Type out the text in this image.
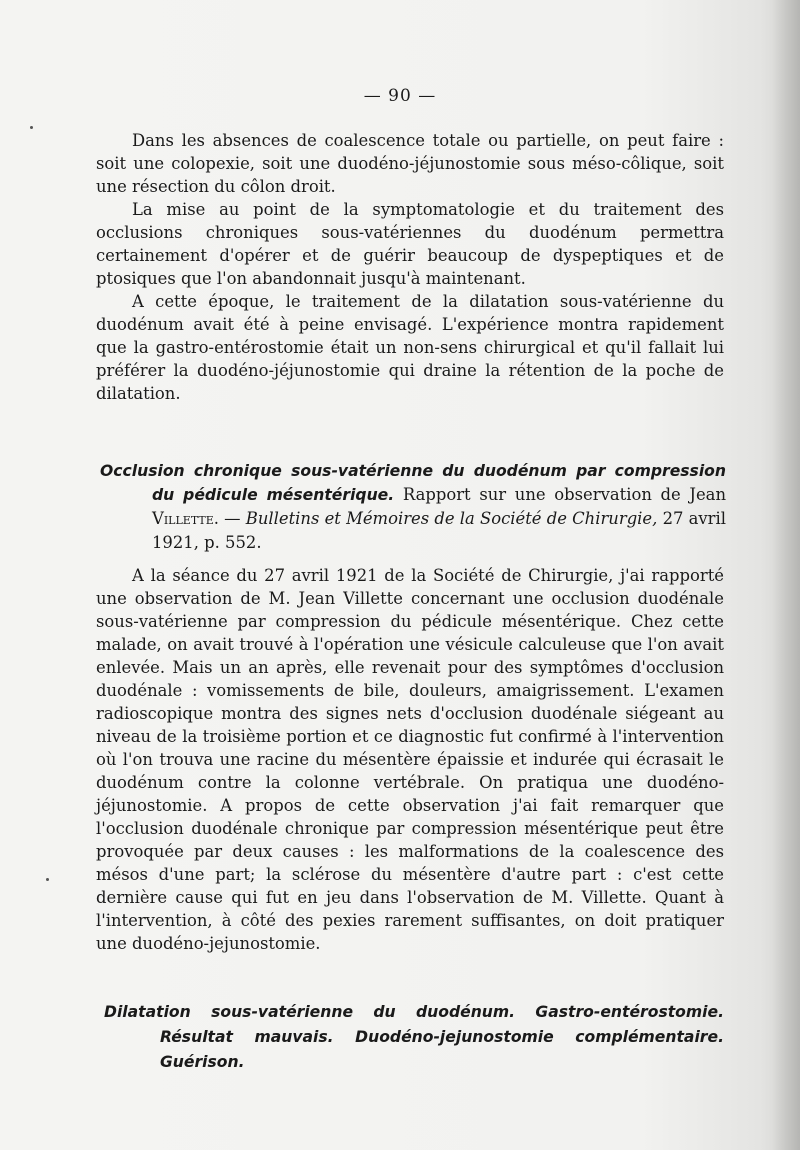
— 90 —

Dans les absences de coalescence totale ou partielle, on peut faire : soit une colopexie, soit une duodéno-jéjunostomie sous méso-côlique, soit une résection du côlon droit.

La mise au point de la symptomatologie et du traitement des occlusions chroniques sous-vatériennes du duodénum permettra certainement d'opérer et de guérir beaucoup de dyspeptiques et de ptosiques que l'on abandonnait jusqu'à maintenant.

A cette époque, le traitement de la dilatation sous-vatérienne du duodénum avait été à peine envisagé. L'expérience montra rapidement que la gastro-entérostomie était un non-sens chirurgical et qu'il fallait lui préférer la duodéno-jéjunostomie qui draine la rétention de la poche de dilatation.

Occlusion chronique sous-vatérienne du duodénum par compression du pédicule mésentérique. Rapport sur une observation de Jean Villette. — Bulletins et Mémoires de la Société de Chirurgie, 27 avril 1921, p. 552.

A la séance du 27 avril 1921 de la Société de Chirurgie, j'ai rapporté une observation de M. Jean Villette concernant une occlusion duodénale sous-vatérienne par compression du pédicule mésentérique. Chez cette malade, on avait trouvé à l'opération une vésicule calculeuse que l'on avait enlevée. Mais un an après, elle revenait pour des symptômes d'occlusion duodénale : vomissements de bile, douleurs, amaigrissement. L'examen radioscopique montra des signes nets d'occlusion duodénale siégeant au niveau de la troisième portion et ce diagnostic fut confirmé à l'intervention où l'on trouva une racine du mésentère épaissie et indurée qui écrasait le duodénum contre la colonne vertébrale. On pratiqua une duodéno-jéjunostomie. A propos de cette observation j'ai fait remarquer que l'occlusion duodénale chronique par compression mésentérique peut être provoquée par deux causes : les malformations de la coalescence des mésos d'une part; la sclérose du mésentère d'autre part : c'est cette dernière cause qui fut en jeu dans l'observation de M. Villette. Quant à l'intervention, à côté des pexies rarement suffisantes, on doit pratiquer une duodéno-jejunostomie.

Dilatation sous-vatérienne du duodénum. Gastro-entérostomie. Résultat mauvais. Duodéno-jejunostomie complémentaire. Guérison.
